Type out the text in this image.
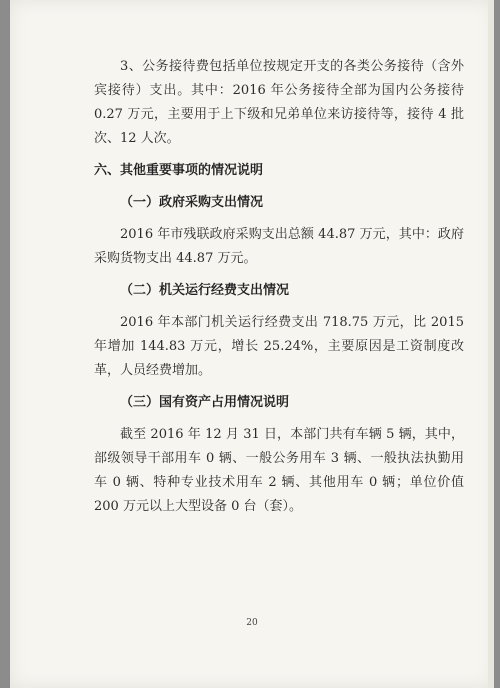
3、公务接待费包括单位按规定开支的各类公务接待（含外宾接待）支出。其中：2016 年公务接待全部为国内公务接待 0.27 万元，主要用于上下级和兄弟单位来访接待等，接待 4 批次、12 人次。

六、其他重要事项的情况说明

（一）政府采购支出情况

2016 年市残联政府采购支出总额 44.87 万元，其中：政府采购货物支出 44.87 万元。

（二）机关运行经费支出情况

2016 年本部门机关运行经费支出 718.75 万元，比 2015 年增加 144.83 万元，增长 25.24%，主要原因是工资制度改革，人员经费增加。

（三）国有资产占用情况说明

截至 2016 年 12 月 31 日，本部门共有车辆 5 辆，其中，部级领导干部用车 0 辆、一般公务用车 3 辆、一般执法执勤用车 0 辆、特种专业技术用车 2 辆、其他用车 0 辆；单位价值 200 万元以上大型设备 0 台（套）。

20
